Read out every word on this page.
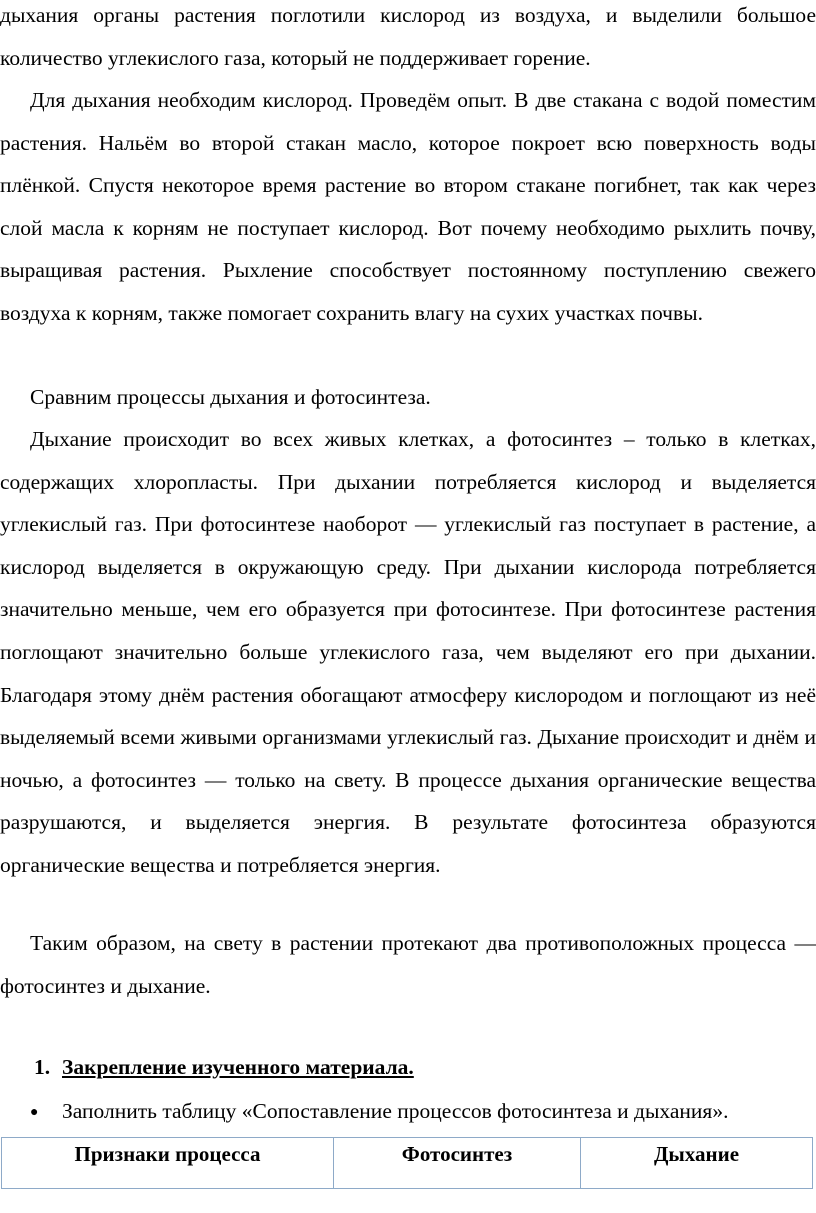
дыхания органы растения поглотили кислород из воздуха, и выделили большое количество углекислого газа, который не поддерживает горение.

Для дыхания необходим кислород. Проведём опыт. В две стакана с водой поместим растения. Нальём во второй стакан масло, которое покроет всю поверхность воды плёнкой. Спустя некоторое время растение во втором стакане погибнет, так как через слой масла к корням не поступает кислород. Вот почему необходимо рыхлить почву, выращивая растения. Рыхление способствует постоянному поступлению свежего воздуха к корням, также помогает сохранить влагу на сухих участках почвы.

Сравним процессы дыхания и фотосинтеза.

Дыхание происходит во всех живых клетках, а фотосинтез – только в клетках, содержащих хлоропласты. При дыхании потребляется кислород и выделяется углекислый газ. При фотосинтезе наоборот — углекислый газ поступает в растение, а кислород выделяется в окружающую среду. При дыхании кислорода потребляется значительно меньше, чем его образуется при фотосинтезе. При фотосинтезе растения поглощают значительно больше углекислого газа, чем выделяют его при дыхании. Благодаря этому днём растения обогащают атмосферу кислородом и поглощают из неё выделяемый всеми живыми организмами углекислый газ. Дыхание происходит и днём и ночью, а фотосинтез — только на свету. В процессе дыхания органические вещества разрушаются, и выделяется энергия. В результате фотосинтеза образуются органические вещества и потребляется энергия.

Таким образом, на свету в растении протекают два противоположных процесса — фотосинтез и дыхание.

1. Закрепление изученного материала.
● Заполнить таблицу «Сопоставление процессов фотосинтеза и дыхания».
Признаки процесса	Фотосинтез	Дыхание
